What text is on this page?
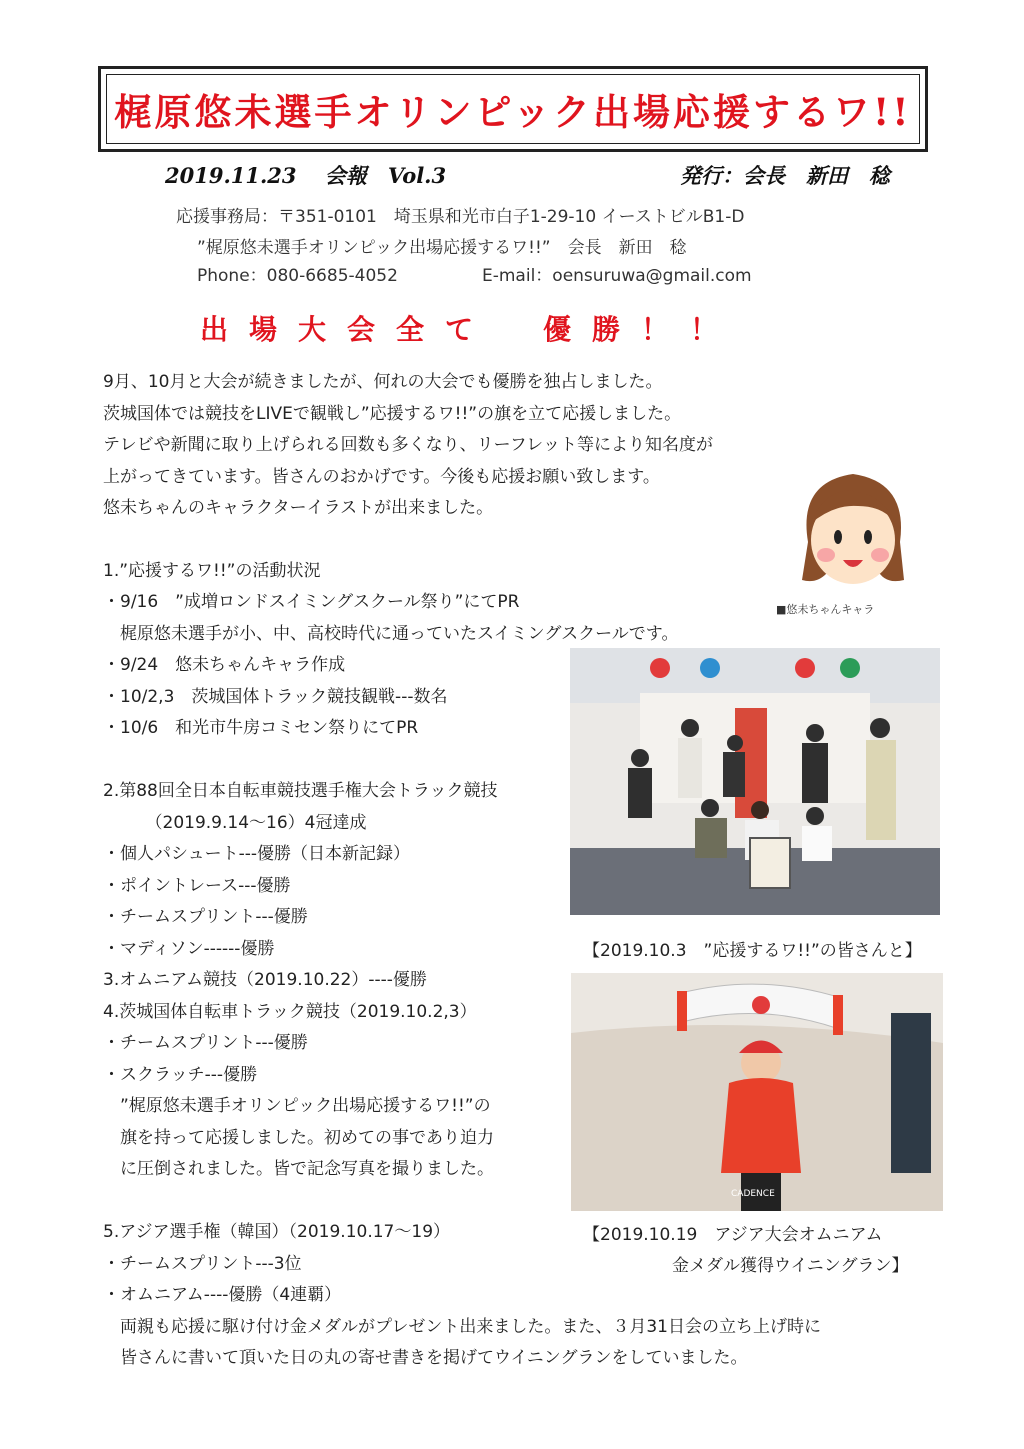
梶原悠未選手オリンピック出場応援するワ!!
2019.11.23　 会報　Vol.3	発行：会長　新田　稔
応援事務局：〒351-0101　埼玉県和光市白子1-29-10 イーストビルB1-D
”梶原悠未選手オリンピック出場応援するワ!!”　会長　新田　稔
Phone：080-6685-4052	E-mail：oensuruwa@gmail.com
出場大会全て　優勝！！
9月、10月と大会が続きましたが、何れの大会でも優勝を独占しました。
茨城国体では競技をLIVEで観戦し”応援するワ!!”の旗を立て応援しました。
テレビや新聞に取り上げられる回数も多くなり、リーフレット等により知名度が
上がってきています。皆さんのおかげです。今後も応援お願い致します。
悠未ちゃんのキャラクターイラストが出来ました。
1.”応援するワ!!”の活動状況
・9/16　”成増ロンドスイミングスクール祭り”にてPR
　梶原悠未選手が小、中、高校時代に通っていたスイミングスクールです。
・9/24　悠未ちゃんキャラ作成
・10/2,3　茨城国体トラック競技観戦---数名
・10/6　和光市牛房コミセン祭りにてPR
2.第88回全日本自転車競技選手権大会トラック競技
　　　（2019.9.14～16）4冠達成
・個人パシュート---優勝（日本新記録）
・ポイントレース---優勝
・チームスプリント---優勝
・マディソン------優勝
3.オムニアム競技（2019.10.22）----優勝
4.茨城国体自転車トラック競技（2019.10.2,3）
・チームスプリント---優勝
・スクラッチ---優勝
　”梶原悠未選手オリンピック出場応援するワ!!”の
　旗を持って応援しました。初めての事であり迫力
　に圧倒されました。皆で記念写真を撮りました。
5.アジア選手権（韓国）（2019.10.17～19）
・チームスプリント---3位
・オムニアム----優勝（4連覇）
　両親も応援に駆け付け金メダルがプレゼント出来ました。また、３月31日会の立ち上げ時に
　皆さんに書いて頂いた日の丸の寄せ書きを掲げてウイニングランをしていました。
■悠未ちゃんキャラ
【2019.10.3　”応援するワ!!”の皆さんと】
CADENCE
【2019.10.19　アジア大会オムニアム
金メダル獲得ウイニングラン】
